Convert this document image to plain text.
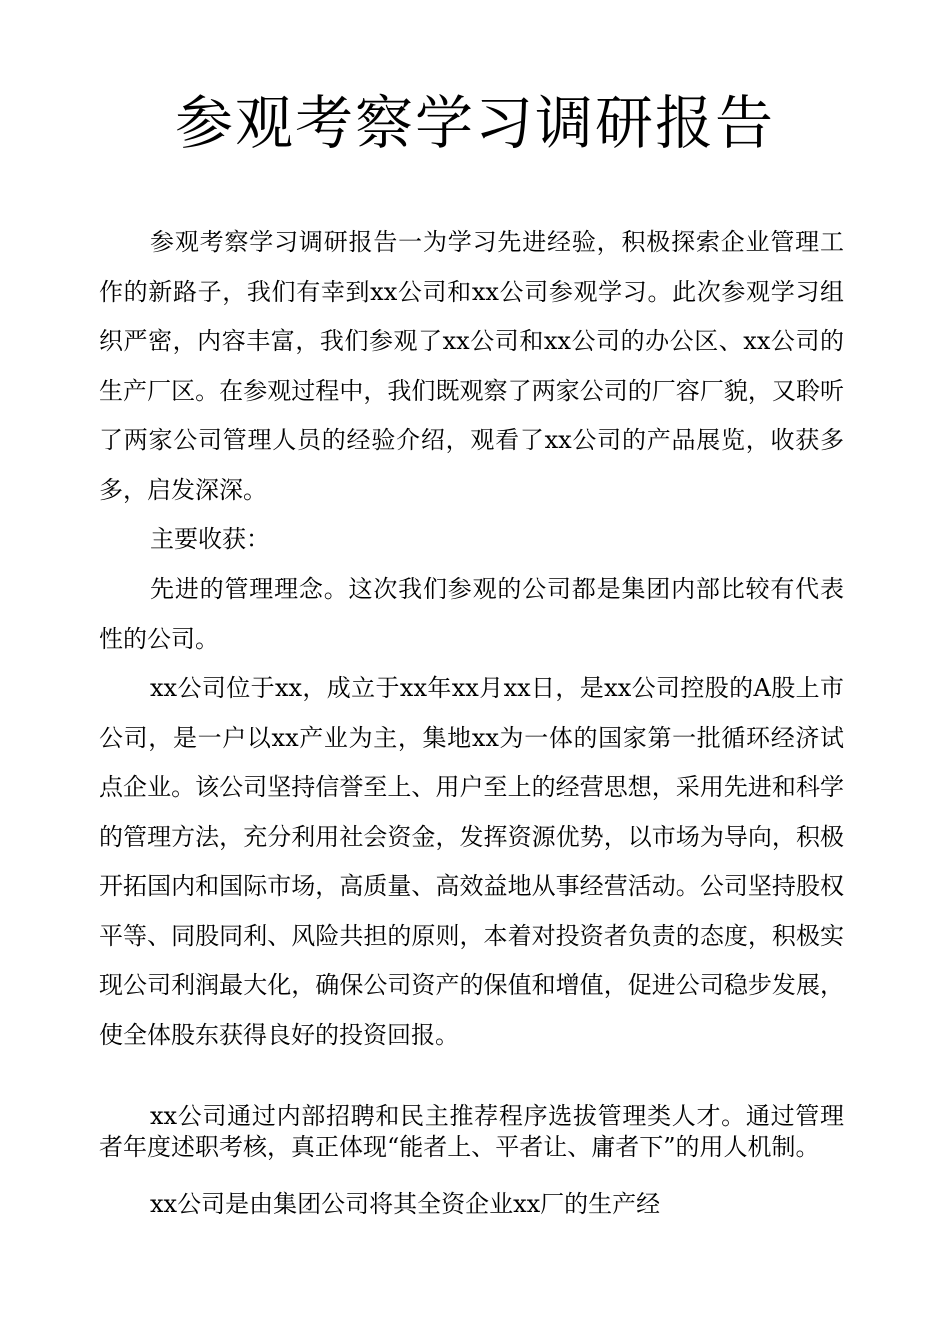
参观考察学习调研报告

参观考察学习调研报告一为学习先进经验，积极探索企业管理工作的新路子，我们有幸到xx公司和xx公司参观学习。此次参观学习组织严密，内容丰富，我们参观了xx公司和xx公司的办公区、xx公司的生产厂区。在参观过程中，我们既观察了两家公司的厂容厂貌，又聆听了两家公司管理人员的经验介绍，观看了xx公司的产品展览，收获多多，启发深深。

主要收获：

先进的管理理念。这次我们参观的公司都是集团内部比较有代表性的公司。

xx公司位于xx，成立于xx年xx月xx日，是xx公司控股的A股上市公司，是一户以xx产业为主，集地xx为一体的国家第一批循环经济试点企业。该公司坚持信誉至上、用户至上的经营思想，采用先进和科学的管理方法，充分利用社会资金，发挥资源优势，以市场为导向，积极开拓国内和国际市场，高质量、高效益地从事经营活动。公司坚持股权平等、同股同利、风险共担的原则，本着对投资者负责的态度，积极实现公司利润最大化，确保公司资产的保值和增值，促进公司稳步发展，使全体股东获得良好的投资回报。

xx公司通过内部招聘和民主推荐程序选拔管理类人才。通过管理者年度述职考核，真正体现“能者上、平者让、庸者下”的用人机制。

xx公司是由集团公司将其全资企业xx厂的生产经
